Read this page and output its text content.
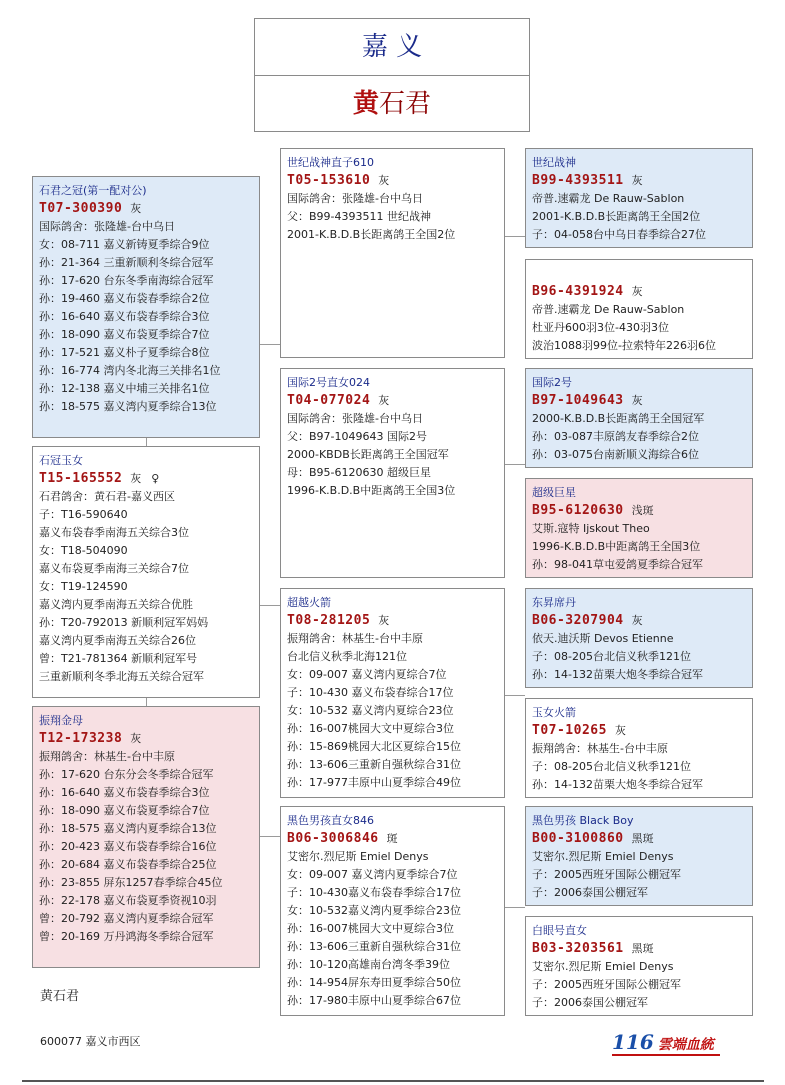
嘉 义
黄石君
石君之冠(第一配对公)
T07-300390 灰
国际鸽舍：张隆雄-台中乌日
女：08-711 嘉义新铸夏季综合9位
孙：21-364 三重新顺利冬综合冠军
孙：17-620 台东冬季南海综合冠军
孙：19-460 嘉义布袋春季综合2位
孙：16-640 嘉义布袋春季综合3位
孙：18-090 嘉义布袋夏季综合7位
孙：17-521 嘉义朴子夏季综合8位
孙：16-774 湾内冬北海三关排名1位
孙：12-138 嘉义中埔三关排名1位
孙：18-575 嘉义湾内夏季综合13位
石冠玉女
T15-165552 灰 ♀
石君鸽舍：黄石君-嘉义西区
子：T16-590640
嘉义布袋春季南海五关综合3位
女：T18-504090
嘉义布袋夏季南海三关综合7位
女：T19-124590
嘉义湾内夏季南海五关综合优胜
孙：T20-792013 新顺利冠军妈妈
嘉义湾内夏季南海五关综合26位
曾：T21-781364 新顺利冠军号
三重新顺利冬季北海五关综合冠军
振翔金母
T12-173238 灰
振翔鸽舍：林基生-台中丰原
孙：17-620 台东分会冬季综合冠军
孙：16-640 嘉义布袋春季综合3位
孙：18-090 嘉义布袋夏季综合7位
孙：18-575 嘉义湾内夏季综合13位
孙：20-423 嘉义布袋春季综合16位
孙：20-684 嘉义布袋春季综合25位
孙：23-855 屏东1257春季综合45位
孙：22-178 嘉义布袋夏季资视10羽
曾：20-792 嘉义湾内夏季综合冠军
曾：20-169 万丹鸿海冬季综合冠军
世纪战神直子610
T05-153610 灰
国际鸽舍：张隆雄-台中乌日
父：B99-4393511 世纪战神
2001-K.B.D.B长距离鸽王全国2位
国际2号直女024
T04-077024 灰
国际鸽舍：张隆雄-台中乌日
父：B97-1049643 国际2号
2000-KBDB长距离鸽王全国冠军
母：B95-6120630 超级巨星
1996-K.B.D.B中距离鸽王全国3位
超越火箭
T08-281205 灰
振翔鸽舍：林基生-台中丰原
台北信义秋季北海121位
女：09-007 嘉义湾内夏综合7位
子：10-430 嘉义布袋春综合17位
女：10-532 嘉义湾内夏综合23位
孙：16-007桃园大文中夏综合3位
孙：15-869桃园大北区夏综合15位
孙：13-606三重新自强秋综合31位
孙：17-977丰原中山夏季综合49位
黑色男孩直女846
B06-3006846 斑
艾密尔.烈尼斯 Emiel Denys
女：09-007 嘉义湾内夏季综合7位
子：10-430嘉义布袋春季综合17位
女：10-532嘉义湾内夏季综合23位
孙：16-007桃园大文中夏综合3位
孙：13-606三重新自强秋综合31位
孙：10-120高雄南台湾冬季39位
孙：14-954屏东寿田夏季综合50位
孙：17-980丰原中山夏季综合67位
世纪战神
B99-4393511 灰
帝普.速霸龙 De Rauw-Sablon
2001-K.B.D.B长距离鸽王全国2位
子：04-058台中乌日春季综合27位
B96-4391924 灰
帝普.速霸龙 De Rauw-Sablon
杜亚丹600羽3位-430羽3位
波治1088羽99位-拉索特年226羽6位
国际2号
B97-1049643 灰
2000-K.B.D.B长距离鸽王全国冠军
孙：03-087丰原鸽友春季综合2位
孙：03-075台南新顺义海综合6位
超级巨星
B95-6120630 浅斑
艾斯.寇特 Ijskout Theo
1996-K.B.D.B中距离鸽王全国3位
孙：98-041草屯爱鸽夏季综合冠军
东昇席丹
B06-3207904 灰
依天.迪沃斯 Devos Etienne
子：08-205台北信义秋季121位
孙：14-132苗栗大炮冬季综合冠军
玉女火箭
T07-10265 灰
振翔鸽舍：林基生-台中丰原
子：08-205台北信义秋季121位
孙：14-132苗栗大炮冬季综合冠军
黑色男孩 Black Boy
B00-3100860 黑斑
艾密尔.烈尼斯 Emiel Denys
子：2005西班牙国际公棚冠军
子：2006泰国公棚冠军
白眼号直女
B03-3203561 黑斑
艾密尔.烈尼斯 Emiel Denys
子：2005西班牙国际公棚冠军
子：2006泰国公棚冠军
黄石君
600077 嘉义市西区	116 雲端血統
